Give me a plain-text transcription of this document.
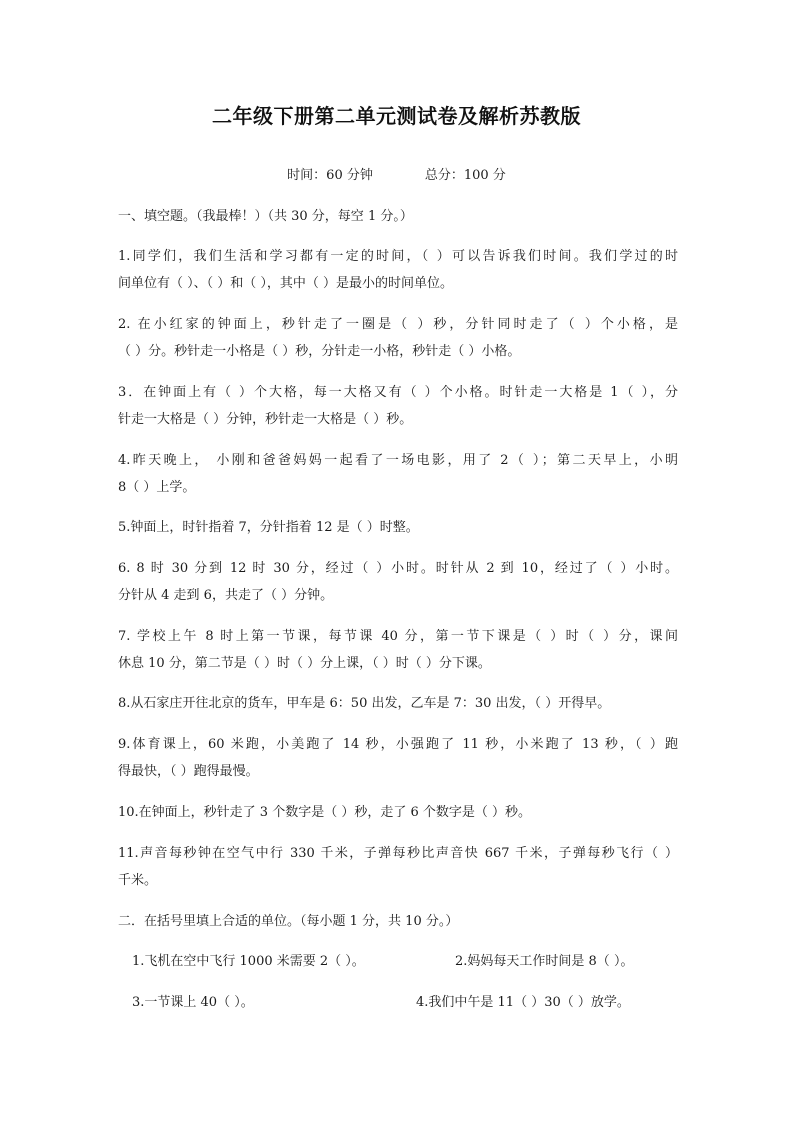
二年级下册第二单元测试卷及解析苏教版
时间：60 分钟	总分：100 分
一、填空题。（我最棒！）（共 30 分，每空 1 分。）
1.同学们，我们生活和学习都有一定的时间，（ ）可以告诉我们时间。我们学过的时
间单位有（ ）、（ ）和（ ），其中（ ）是最小的时间单位。
2. 在小红家的钟面上，秒针走了一圈是（ ）秒，分针同时走了（ ）个小格，是
（ ）分。秒针走一小格是（ ）秒，分针走一小格，秒针走（ ）小格。
3．在钟面上有（ ）个大格，每一大格又有（ ）个小格。时针走一大格是 1（ ），分
针走一大格是（ ）分钟，秒针走一大格是（ ）秒。
4.昨天晚上， 小刚和爸爸妈妈一起看了一场电影，用了 2（ ）；第二天早上，小明
8（ ）上学。
5.钟面上，时针指着 7，分针指着 12 是（ ）时整。
6. 8 时 30 分到 12 时 30 分，经过（ ）小时。时针从 2 到 10，经过了（ ）小时。
分针从 4 走到 6，共走了（ ）分钟。
7. 学校上午 8 时上第一节课，每节课 40 分，第一节下课是（ ）时（ ）分，课间
休息 10 分，第二节是（ ）时（ ）分上课，（ ）时（ ）分下课。
8.从石家庄开往北京的货车，甲车是 6：50 出发，乙车是 7：30 出发，（ ）开得早。
9.体育课上，60 米跑，小美跑了 14 秒，小强跑了 11 秒，小米跑了 13 秒，（ ）跑
得最快，（ ）跑得最慢。
10.在钟面上，秒针走了 3 个数字是（ ）秒，走了 6 个数字是（ ）秒。
11.声音每秒钟在空气中行 330 千米，子弹每秒比声音快 667 千米，子弹每秒飞行（ ）
千米。
二．在括号里填上合适的单位。（每小题 1 分，共 10 分。）
1.飞机在空中飞行 1000 米需要 2（ ）。	2.妈妈每天工作时间是 8（ ）。
3.一节课上 40（ ）。	4.我们中午是 11（ ）30（ ）放学。
